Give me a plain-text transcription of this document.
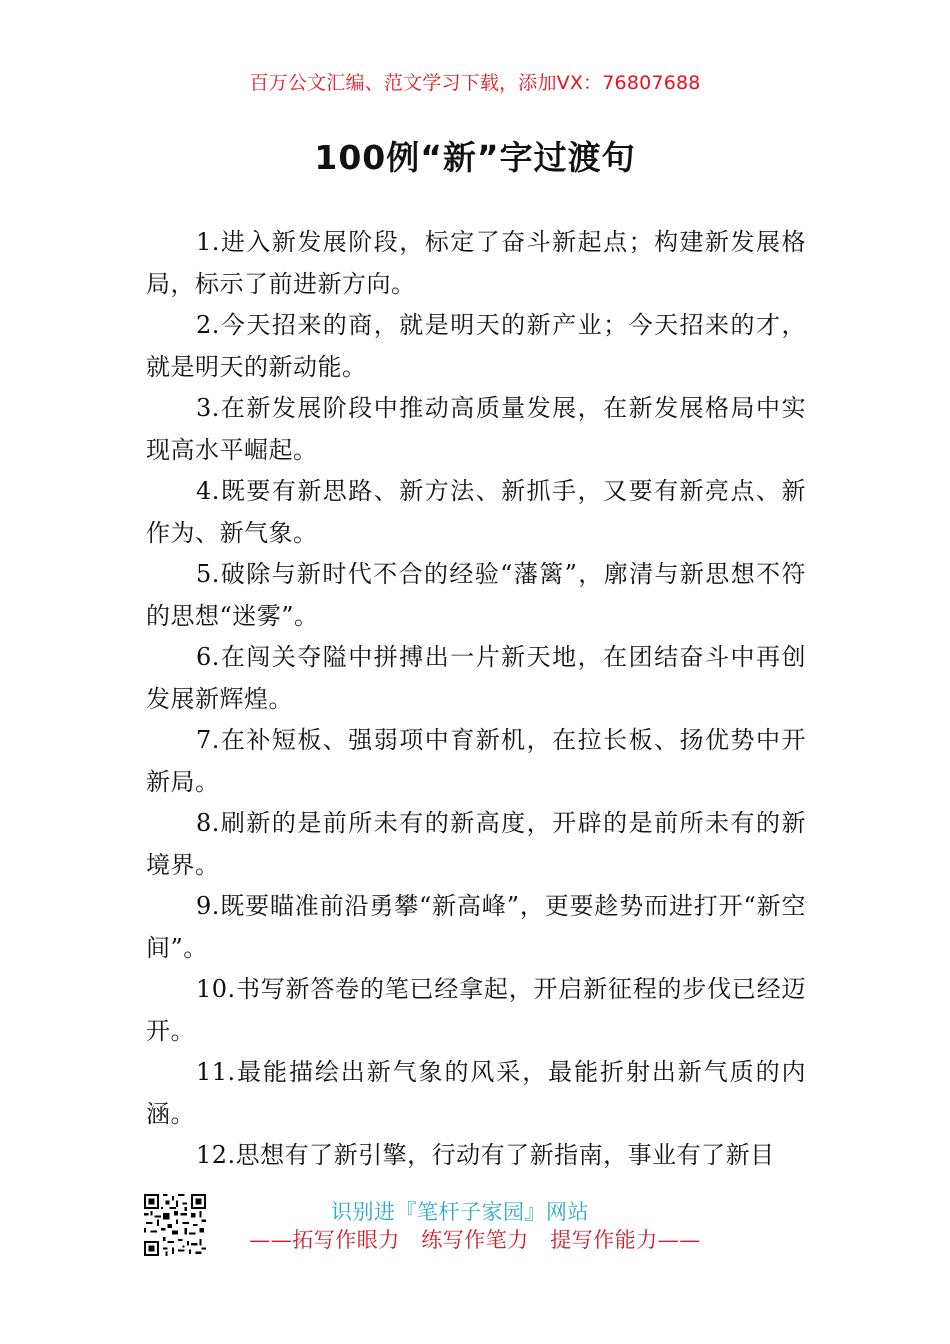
百万公文汇编、范文学习下载，添加VX：76807688
100例“新”字过渡句

1.进入新发展阶段，标定了奋斗新起点；构建新发展格局，标示了前进新方向。

2.今天招来的商，就是明天的新产业；今天招来的才，就是明天的新动能。

3.在新发展阶段中推动高质量发展，在新发展格局中实现高水平崛起。

4.既要有新思路、新方法、新抓手，又要有新亮点、新作为、新气象。

5.破除与新时代不合的经验“藩篱”，廓清与新思想不符的思想“迷雾”。

6.在闯关夺隘中拼搏出一片新天地，在团结奋斗中再创发展新辉煌。

7.在补短板、强弱项中育新机，在拉长板、扬优势中开新局。

8.刷新的是前所未有的新高度，开辟的是前所未有的新境界。

9.既要瞄准前沿勇攀“新高峰”，更要趁势而进打开“新空间”。

10.书写新答卷的笔已经拿起，开启新征程的步伐已经迈开。

11.最能描绘出新气象的风采，最能折射出新气质的内涵。

12.思想有了新引擎，行动有了新指南，事业有了新目

识别进『笔杆子家园』网站
——拓写作眼力　练写作笔力　提写作能力——
